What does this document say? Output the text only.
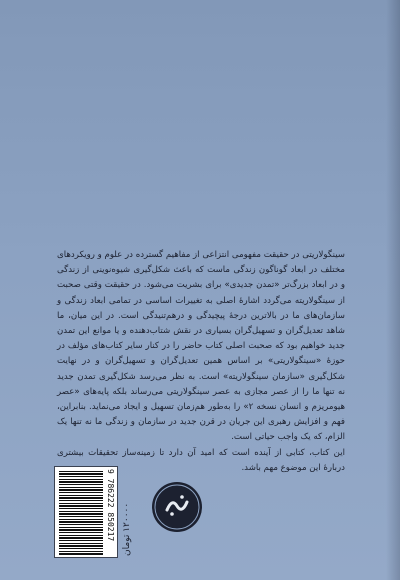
سینگولاریتی در حقیقت مفهومی انتزاعی از مفاهیم گسترده در علوم و رویکردهای مختلف در ابعاد گوناگون زندگی ماست که باعث شکل‌گیری شیوه‌نوینی از زندگی و در ابعاد بزرگ‌تر «تمدن جدیدی» برای بشریت می‌شود. در حقیقت وقتی صحبت از سینگولاریته می‌گردد اشارهٔ اصلی به تغییرات اساسی در تمامی ابعاد زندگی و سازمان‌های ما در بالاترین درجهٔ پیچیدگی و درهم‌تنیدگی است. در این میان، ما شاهد تعدیل‌گران و تسهیل‌گران بسیاری در نقش شتاب‌دهنده و یا موانع این تمدن جدید خواهیم بود که صحبت اصلی کتاب حاضر را در کنار سایر کتاب‌های مؤلف در حوزهٔ «سینگولاریتی» بر اساس همین تعدیل‌گران و تسهیل‌گران و در نهایت شکل‌گیری «سازمان سینگولاریته» است. به نظر می‌رسد شکل‌گیری تمدن جدید نه تنها ما را از عصر مجازی به عصر سینگولاریتی می‌رساند بلکه پایه‌های «عصر هیومریزم و انسان نسخه ۲» را به‌طور هم‌زمان تسهیل و ایجاد می‌نماید. بنابراین، فهم و افزایش رهبری این جریان در قرن جدید در سازمان و زندگی ما نه تنها یک الزام، که یک واجب حیاتی است.

این کتاب، کتابی از آینده است که امید آن دارد تا زمینه‌ساز تحقیقات بیشتری دربارهٔ این موضوع مهم باشد.

9 786222 850217
۱۲۰۰۰۰ تومان
